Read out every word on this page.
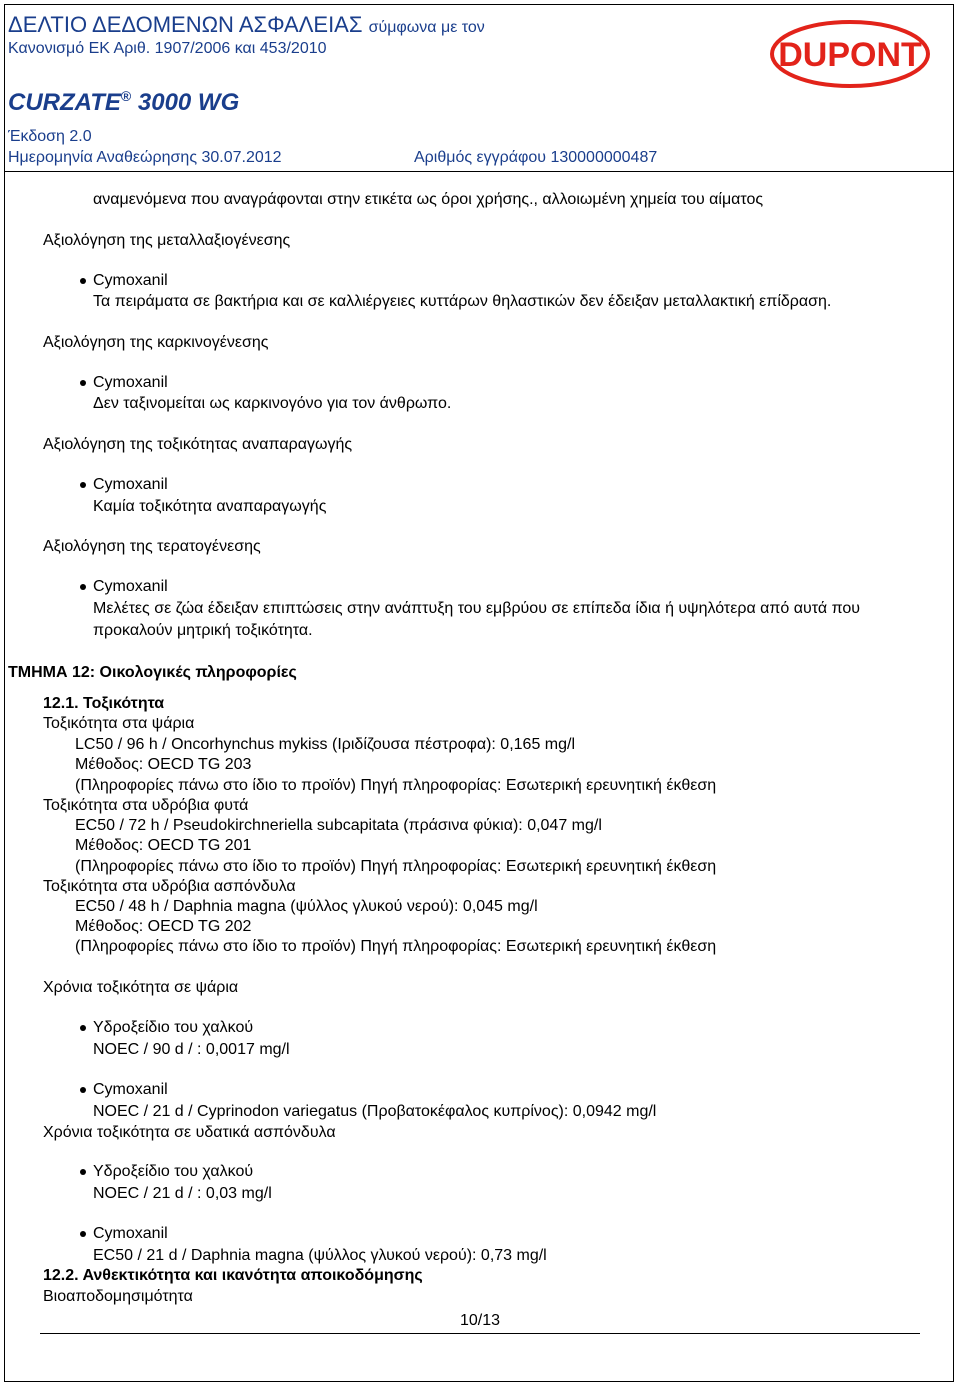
ΔΕΛΤΙΟ ΔΕΔΟΜΕΝΩΝ ΑΣΦΑΛΕΙΑΣ σύμφωνα με τον
Κανονισμό ΕΚ Αριθ. 1907/2006 και 453/2010
CURZATE® 3000 WG
Έκδοση 2.0
Ημερομηνία Αναθεώρησης 30.07.2012	Αριθμός εγγράφου 130000000487
DUPONT
αναμενόμενα που αναγράφονται στην ετικέτα ως όροι χρήσης., αλλοιωμένη χημεία του αίματος
Αξιολόγηση της μεταλλαξιογένεσης
Cymoxanil
Τα πειράματα σε βακτήρια και σε καλλιέργειες κυττάρων θηλαστικών δεν έδειξαν μεταλλακτική επίδραση.
Αξιολόγηση της καρκινογένεσης
Cymoxanil
Δεν ταξινομείται ως καρκινογόνο για τον άνθρωπο.
Αξιολόγηση της τοξικότητας αναπαραγωγής
Cymoxanil
Καμία τοξικότητα αναπαραγωγής
Αξιολόγηση της τερατογένεσης
Cymoxanil
Μελέτες σε ζώα έδειξαν επιπτώσεις στην ανάπτυξη του εμβρύου σε επίπεδα ίδια ή υψηλότερα από αυτά που
προκαλούν μητρική τοξικότητα.
ΤΜΗΜΑ 12: Οικολογικές πληροφορίες
12.1. Τοξικότητα
Τοξικότητα στα ψάρια
LC50 / 96 h / Oncorhynchus mykiss (Ιριδίζουσα πέστροφα): 0,165 mg/l
Μέθοδος: OECD TG 203
(Πληροφορίες πάνω στο ίδιο το προϊόν) Πηγή πληροφορίας: Εσωτερική ερευνητική έκθεση
Τοξικότητα στα υδρόβια φυτά
EC50 / 72 h / Pseudokirchneriella subcapitata (πράσινα φύκια): 0,047 mg/l
Μέθοδος: OECD TG 201
(Πληροφορίες πάνω στο ίδιο το προϊόν) Πηγή πληροφορίας: Εσωτερική ερευνητική έκθεση
Τοξικότητα στα υδρόβια ασπόνδυλα
EC50 / 48 h / Daphnia magna (ψύλλος γλυκού νερού): 0,045 mg/l
Μέθοδος: OECD TG 202
(Πληροφορίες πάνω στο ίδιο το προϊόν) Πηγή πληροφορίας: Εσωτερική ερευνητική έκθεση
Χρόνια τοξικότητα σε ψάρια
Υδροξείδιο του χαλκού
NOEC / 90 d / : 0,0017 mg/l
Cymoxanil
NOEC / 21 d / Cyprinodon variegatus (Προβατοκέφαλος κυπρίνος): 0,0942 mg/l
Χρόνια τοξικότητα σε υδατικά ασπόνδυλα
Υδροξείδιο του χαλκού
NOEC / 21 d / : 0,03 mg/l
Cymoxanil
EC50 / 21 d / Daphnia magna (ψύλλος γλυκού νερού): 0,73 mg/l
12.2. Ανθεκτικότητα και ικανότητα αποικοδόμησης
Βιοαποδομησιμότητα
10/13
